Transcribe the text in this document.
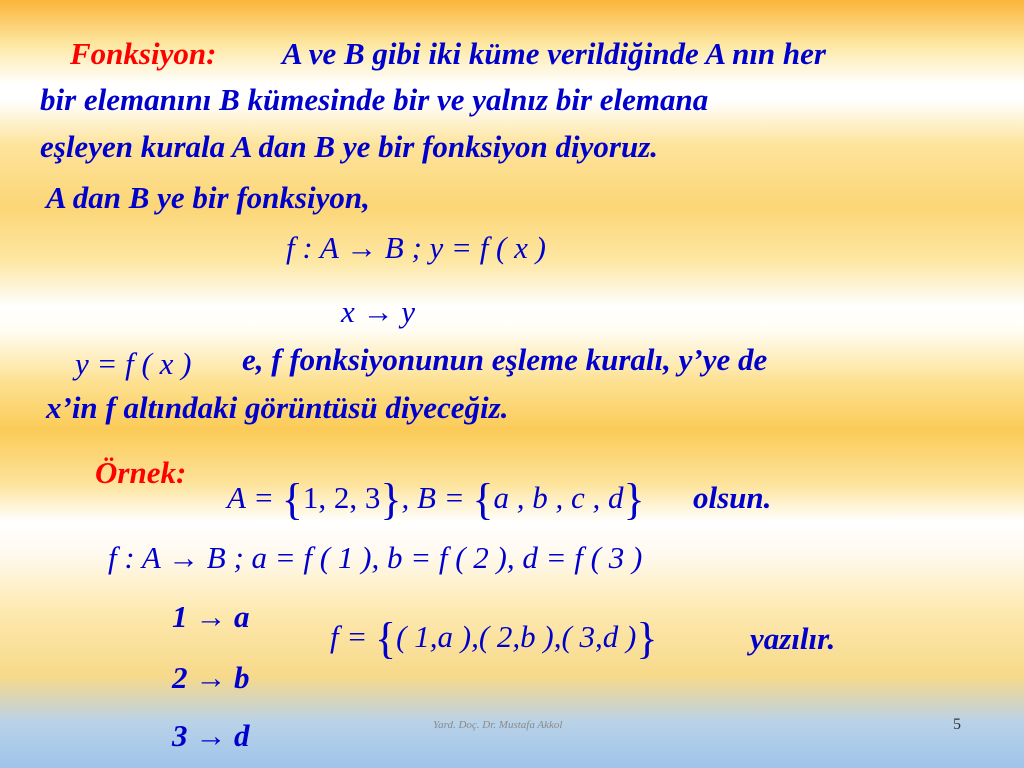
Fonksiyon: A ve B gibi iki küme verildiğinde A nın her
bir elemanını B kümesinde bir ve yalnız bir elemana
eşleyen kurala A dan B ye bir fonksiyon diyoruz.
A dan B ye bir fonksiyon,
f : A → B ; y = f ( x )
x → y
y = f ( x ) e, f fonksiyonunun eşleme kuralı, y’ye de
x’in f altındaki görüntüsü diyeceğiz.
Örnek:
A = {1, 2, 3}, B = {a , b , c , d} olsun.
f : A → B ; a = f ( 1 ), b = f ( 2 ), d = f ( 3 )
1 → a
2 → b
3 → d
f = {( 1,a ),( 2,b ),( 3,d )}	yazılır.
Yard. Doç. Dr. Mustafa Akkol	5
